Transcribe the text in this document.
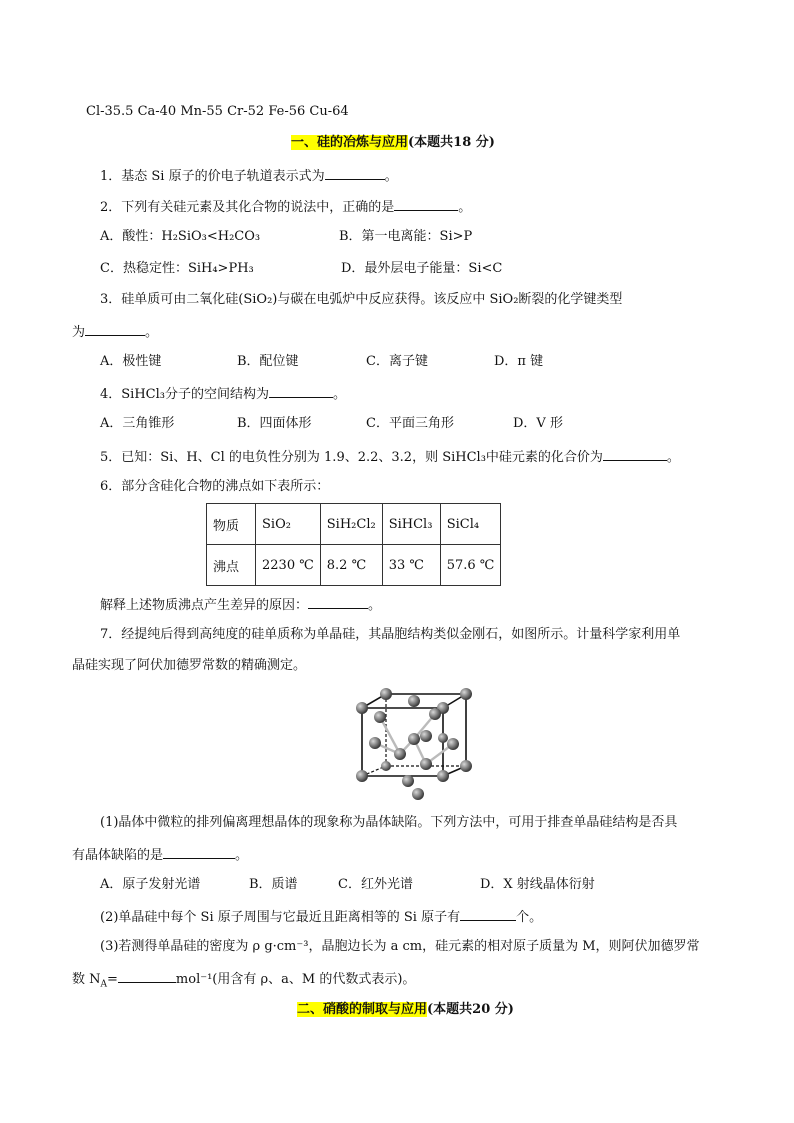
Cl-35.5 Ca-40 Mn-55 Cr-52 Fe-56 Cu-64
一、硅的冶炼与应用(本题共18 分)
1．基态 Si 原子的价电子轨道表示式为	。
2．下列有关硅元素及其化合物的说法中，正确的是	。
A．酸性：H₂SiO₃<H₂CO₃	B．第一电离能：Si>P
C．热稳定性：SiH₄>PH₃	D．最外层电子能量：Si<C
3．硅单质可由二氧化硅(SiO₂)与碳在电弧炉中反应获得。该反应中 SiO₂断裂的化学键类型
为	。
A．极性键	B．配位键	C．离子键	D．π 键
4．SiHCl₃分子的空间结构为	。
A．三角锥形	B．四面体形	C．平面三角形	D．V 形
5．已知：Si、H、Cl 的电负性分别为 1.9、2.2、3.2，则 SiHCl₃中硅元素的化合价为	。
6．部分含硅化合物的沸点如下表所示：
物质	SiO₂	SiH₂Cl₂	SiHCl₃	SiCl₄
沸点	2230 ℃	8.2 ℃	33 ℃	57.6 ℃
解释上述物质沸点产生差异的原因：	。
7．经提纯后得到高纯度的硅单质称为单晶硅，其晶胞结构类似金刚石，如图所示。计量科学家利用单
晶硅实现了阿伏加德罗常数的精确测定。
(1)晶体中微粒的排列偏离理想晶体的现象称为晶体缺陷。下列方法中，可用于排查单晶硅结构是否具
有晶体缺陷的是	。
A．原子发射光谱	B．质谱	C．红外光谱	D．X 射线晶体衍射
(2)单晶硅中每个 Si 原子周围与它最近且距离相等的 Si 原子有	个。
(3)若测得单晶硅的密度为 ρ g·cm⁻³，晶胞边长为 a cm，硅元素的相对原子质量为 M，则阿伏加德罗常
数 $N_A=$	mol⁻¹(用含有 ρ、a、M 的代数式表示)。
二、硝酸的制取与应用(本题共20 分)
